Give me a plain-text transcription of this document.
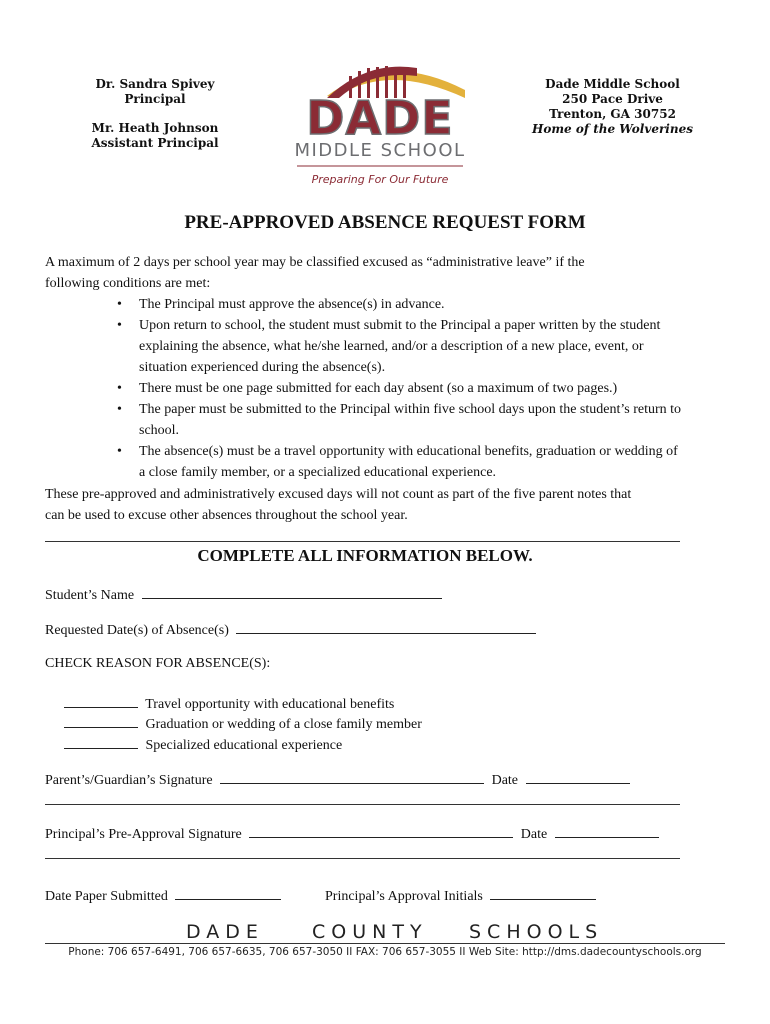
Dr. Sandra Spivey
Principal
Mr. Heath Johnson
Assistant Principal DADE
MIDDLE SCHOOL
Preparing For Our Future
Dade Middle School
250 Pace Drive
Trenton, GA 30752
Home of the Wolverines
PRE-APPROVED ABSENCE REQUEST FORM
A maximum of 2 days per school year may be classified excused as “administrative leave” if the
following conditions are met:
• The Principal must approve the absence(s) in advance.
• Upon return to school, the student must submit to the Principal a paper written by the student explaining the absence, what he/she learned, and/or a description of a new place, event, or situation experienced during the absence(s).
• There must be one page submitted for each day absent (so a maximum of two pages.)
• The paper must be submitted to the Principal within five school days upon the student’s return to school.
• The absence(s) must be a travel opportunity with educational benefits, graduation or wedding of a close family member, or a specialized educational experience.
These pre-approved and administratively excused days will not count as part of the five parent notes that
can be used to excuse other absences throughout the school year.
COMPLETE ALL INFORMATION BELOW.
Student’s Name
Requested Date(s) of Absence(s)
CHECK REASON FOR ABSENCE(S):
Travel opportunity with educational benefits
Graduation or wedding of a close family member
Specialized educational experience
Parent’s/Guardian’s Signature	Date
Principal’s Pre-Approval Signature	Date
Date Paper Submitted	Principal’s Approval Initials
DADE	COUNTY SCHOOLS
Phone: 706 657-6491, 706 657-6635, 706 657-3050 II FAX: 706 657-3055 II Web Site: http://dms.dadecountyschools.org
